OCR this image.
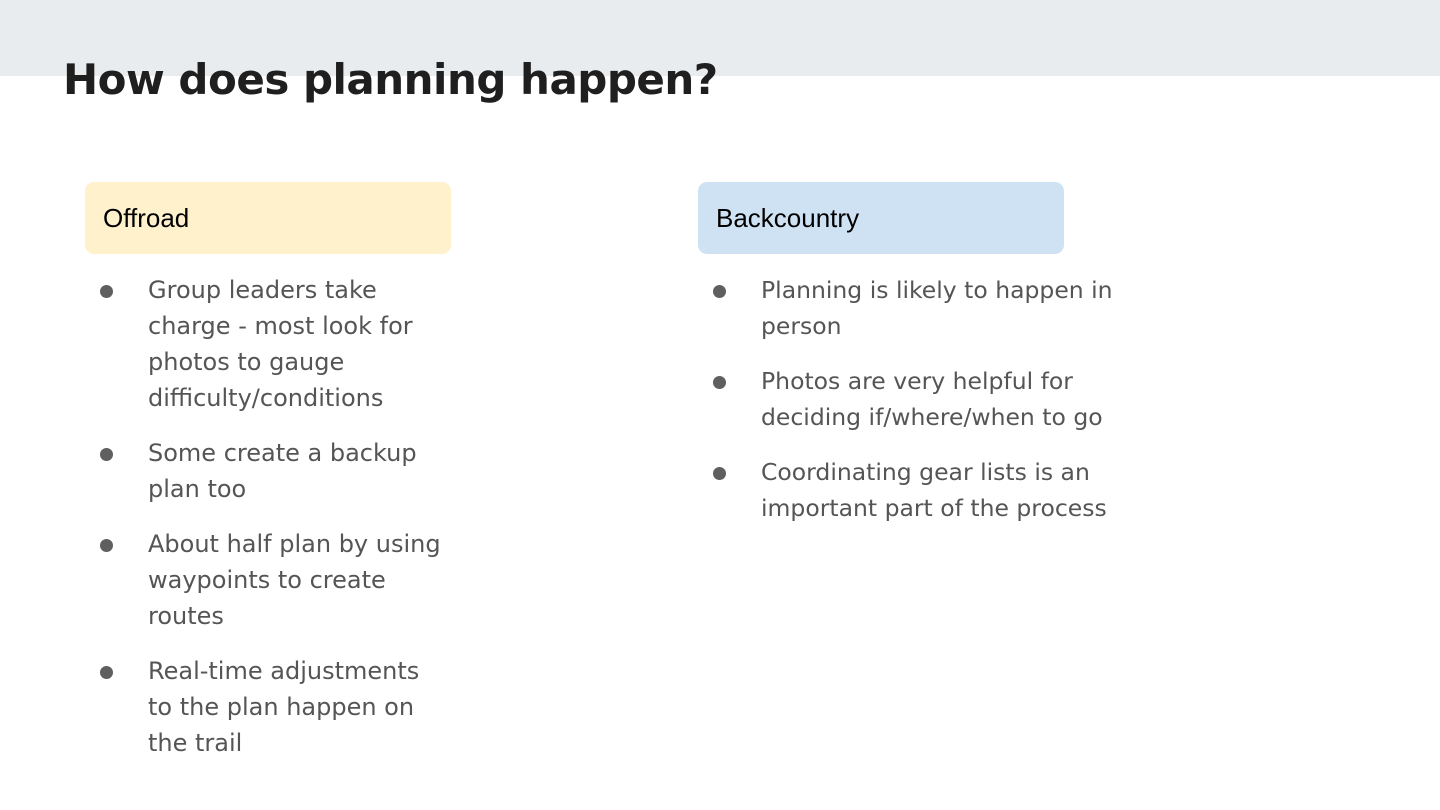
How does planning happen?
Offroad
Group leaders take charge - most look for photos to gauge difficulty/conditions
Some create a backup plan too
About half plan by using waypoints to create routes
Real-time adjustments to the plan happen on the trail
Backcountry
Planning is likely to happen in person
Photos are very helpful for deciding if/where/when to go
Coordinating gear lists is an important part of the process
